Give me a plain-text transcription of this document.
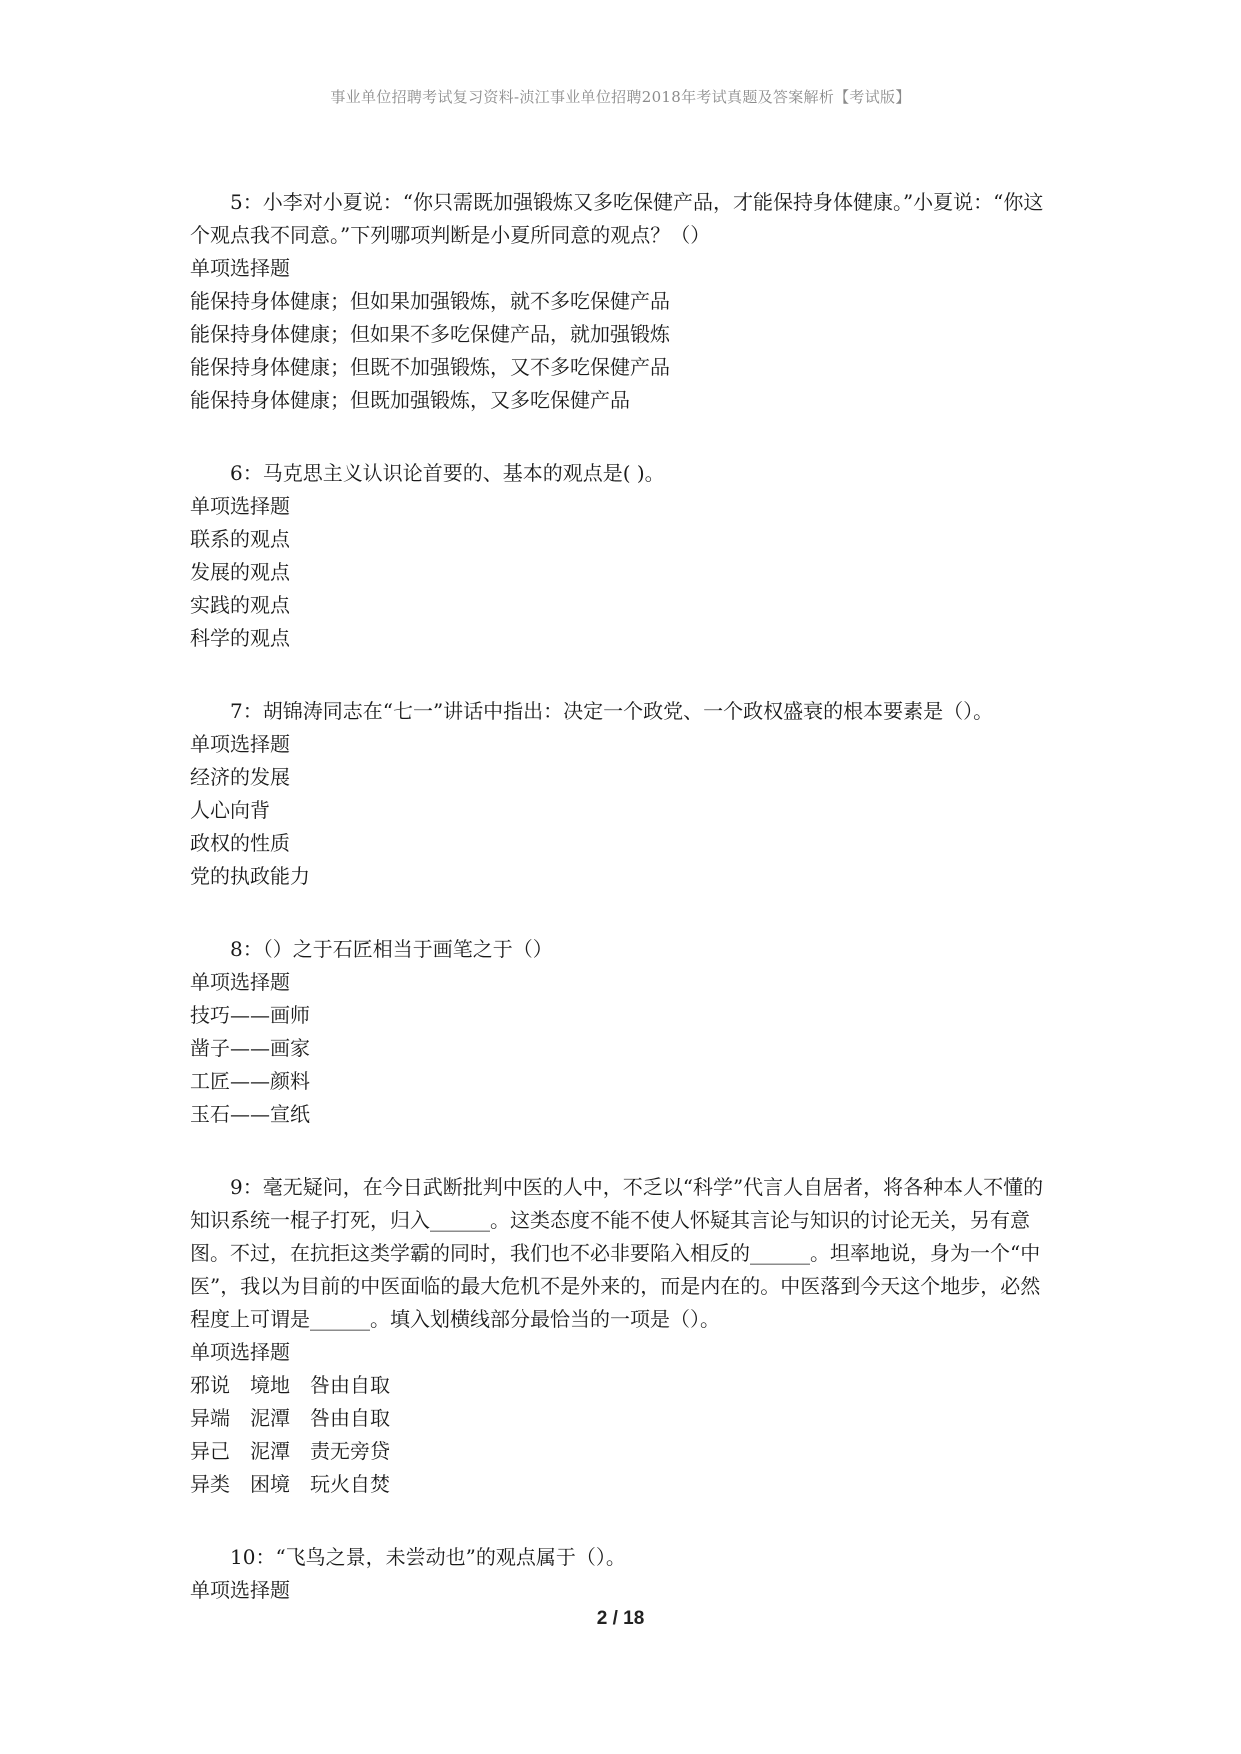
事业单位招聘考试复习资料-浈江事业单位招聘2018年考试真题及答案解析【考试版】
5：小李对小夏说：“你只需既加强锻炼又多吃保健产品，才能保持身体健康。”小夏说：“你这个观点我不同意。”下列哪项判断是小夏所同意的观点？（）
单项选择题
能保持身体健康；但如果加强锻炼，就不多吃保健产品
能保持身体健康；但如果不多吃保健产品，就加强锻炼
能保持身体健康；但既不加强锻炼，又不多吃保健产品
能保持身体健康；但既加强锻炼，又多吃保健产品
6：马克思主义认识论首要的、基本的观点是( )。
单项选择题
联系的观点
发展的观点
实践的观点
科学的观点
7：胡锦涛同志在“七一”讲话中指出：决定一个政党、一个政权盛衰的根本要素是（）。
单项选择题
经济的发展
人心向背
政权的性质
党的执政能力
8：（）之于石匠相当于画笔之于（）
单项选择题
技巧——画师
凿子——画家
工匠——颜料
玉石——宣纸
9：毫无疑问，在今日武断批判中医的人中，不乏以“科学”代言人自居者，将各种本人不懂的知识系统一棍子打死，归入______。这类态度不能不使人怀疑其言论与知识的讨论无关，另有意图。不过，在抗拒这类学霸的同时，我们也不必非要陷入相反的______。坦率地说，身为一个“中医”，我以为目前的中医面临的最大危机不是外来的，而是内在的。中医落到今天这个地步，必然程度上可谓是______。填入划横线部分最恰当的一项是（）。
单项选择题
邪说　境地　咎由自取
异端　泥潭　咎由自取
异己　泥潭　责无旁贷
异类　困境　玩火自焚
10：“飞鸟之景，未尝动也”的观点属于（）。
单项选择题
2 / 18
